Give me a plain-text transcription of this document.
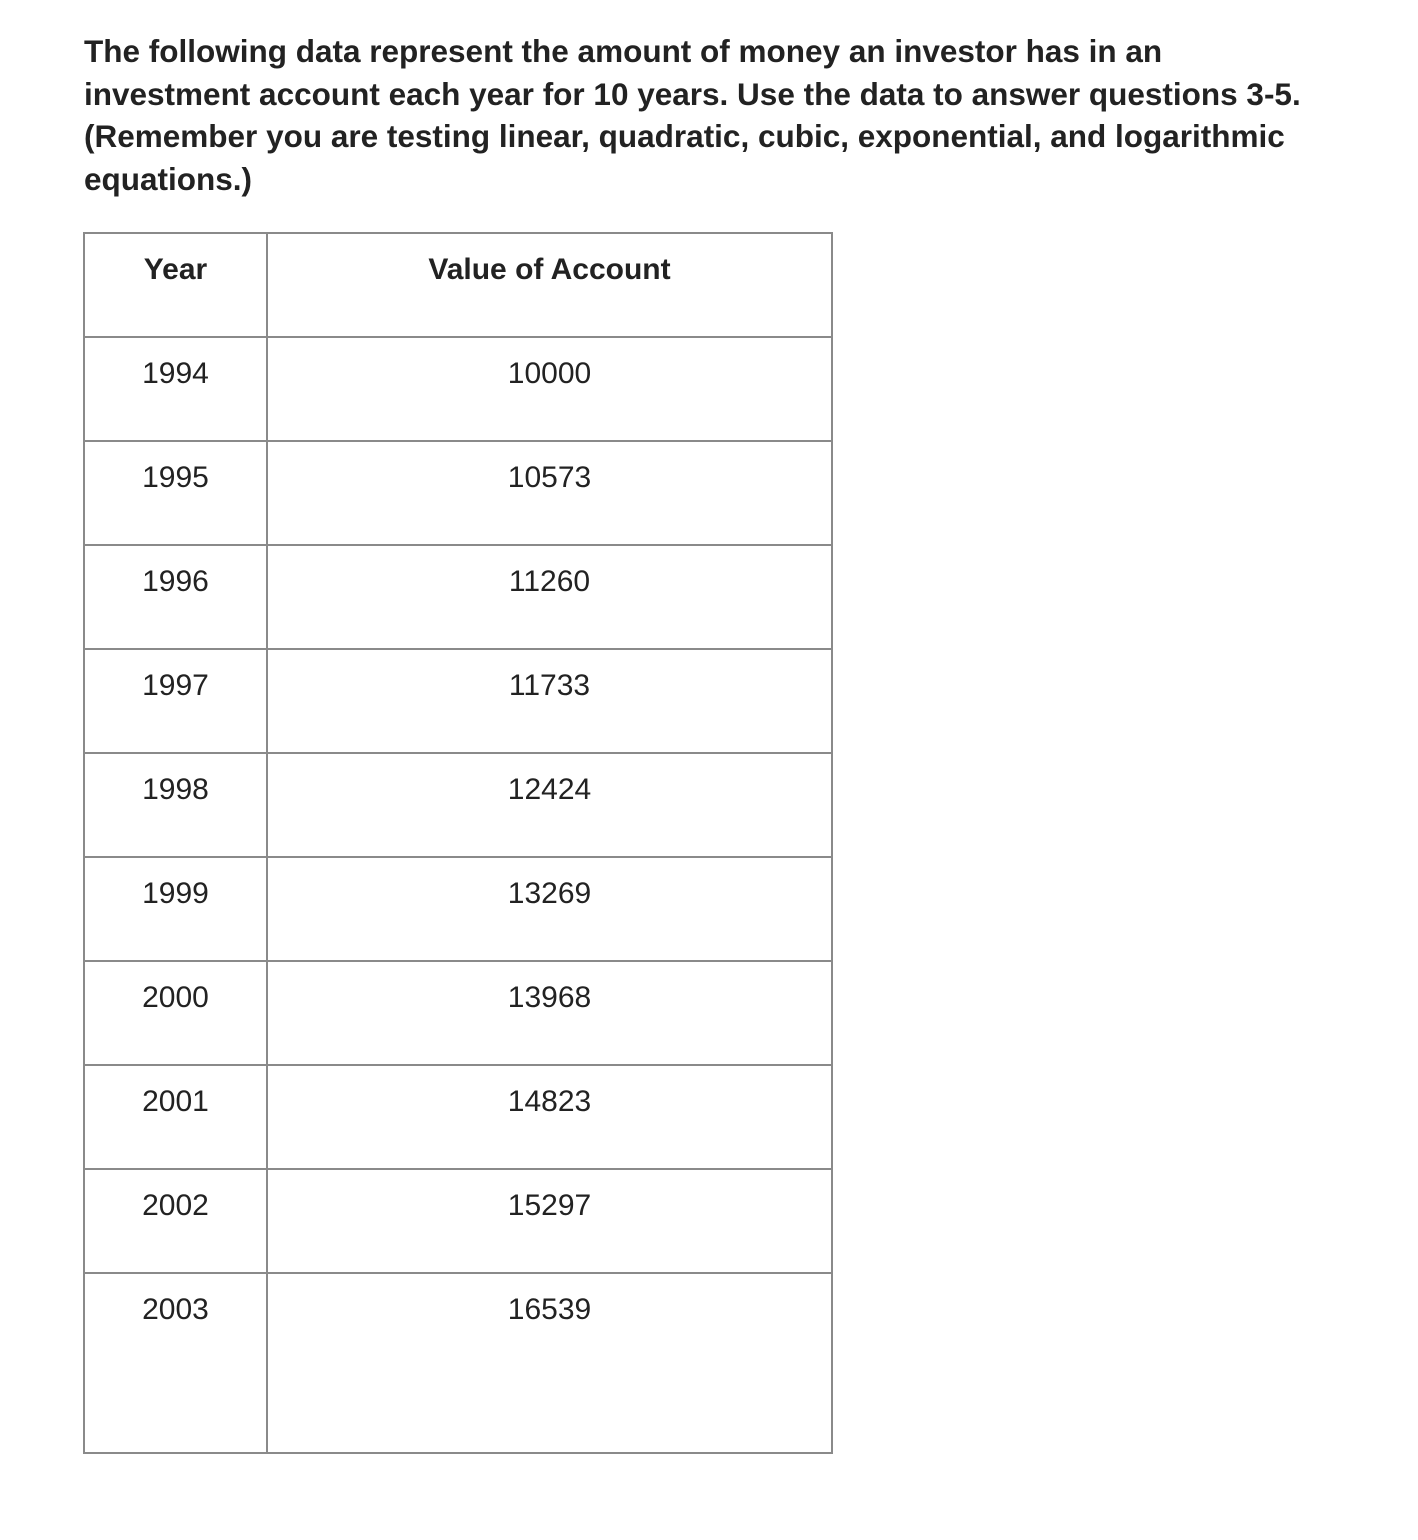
The following data represent the amount of money an investor has in an
investment account each year for 10 years. Use the data to answer questions 3-5.
(Remember you are testing linear, quadratic, cubic, exponential, and logarithmic
equations.)

Year	Value of Account

1994	10000

1995	10573

1996	11260

1997	11733

1998	12424

1999	13269

2000	13968

2001	14823

2002	15297

2003	16539
